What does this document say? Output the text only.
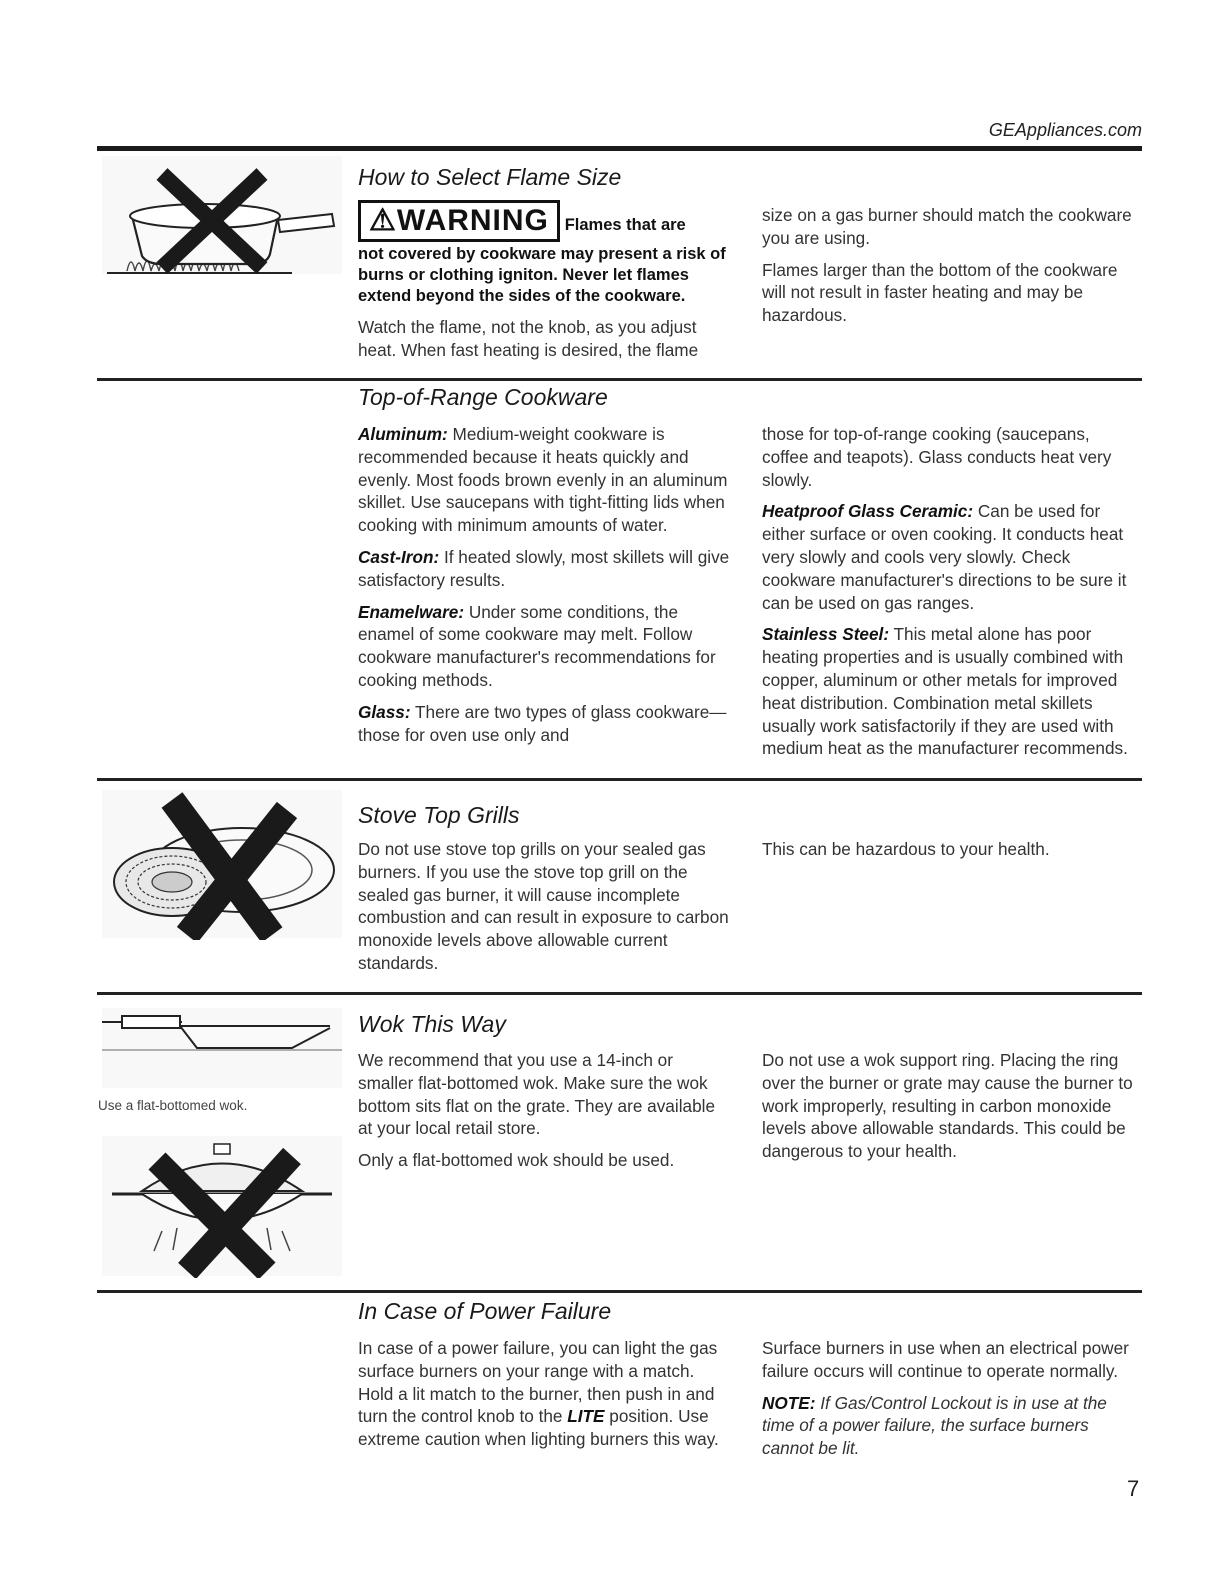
GEAppliances.com
How to Select Flame Size
⚠WARNING Flames that are

not covered by cookware may present a risk of burns or clothing igniton. Never let flames extend beyond the sides of the cookware.

Watch the flame, not the knob, as you adjust heat. When fast heating is desired, the flame

size on a gas burner should match the cookware you are using.

Flames larger than the bottom of the cookware will not result in faster heating and may be hazardous.

Top-of-Range Cookware

Aluminum: Medium-weight cookware is recommended because it heats quickly and evenly. Most foods brown evenly in an aluminum skillet. Use saucepans with tight-fitting lids when cooking with minimum amounts of water.

Cast-Iron: If heated slowly, most skillets will give satisfactory results.

Enamelware: Under some conditions, the enamel of some cookware may melt. Follow cookware manufacturer's recommendations for cooking methods.

Glass: There are two types of glass cookware—those for oven use only and

those for top-of-range cooking (saucepans, coffee and teapots). Glass conducts heat very slowly.

Heatproof Glass Ceramic: Can be used for either surface or oven cooking. It conducts heat very slowly and cools very slowly. Check cookware manufacturer's directions to be sure it can be used on gas ranges.

Stainless Steel: This metal alone has poor heating properties and is usually combined with copper, aluminum or other metals for improved heat distribution. Combination metal skillets usually work satisfactorily if they are used with medium heat as the manufacturer recommends.

Stove Top Grills

Do not use stove top grills on your sealed gas burners. If you use the stove top grill on the sealed gas burner, it will cause incomplete combustion and can result in exposure to carbon monoxide levels above allowable current standards.

This can be hazardous to your health.

Use a flat-bottomed wok.
Wok This Way

We recommend that you use a 14-inch or smaller flat-bottomed wok. Make sure the wok bottom sits flat on the grate. They are available at your local retail store.

Only a flat-bottomed wok should be used.

Do not use a wok support ring. Placing the ring over the burner or grate may cause the burner to work improperly, resulting in carbon monoxide levels above allowable standards. This could be dangerous to your health.

In Case of Power Failure

In case of a power failure, you can light the gas surface burners on your range with a match. Hold a lit match to the burner, then push in and turn the control knob to the LITE position. Use extreme caution when lighting burners this way.

Surface burners in use when an electrical power failure occurs will continue to operate normally.

NOTE: If Gas/Control Lockout is in use at the time of a power failure, the surface burners cannot be lit.

7
